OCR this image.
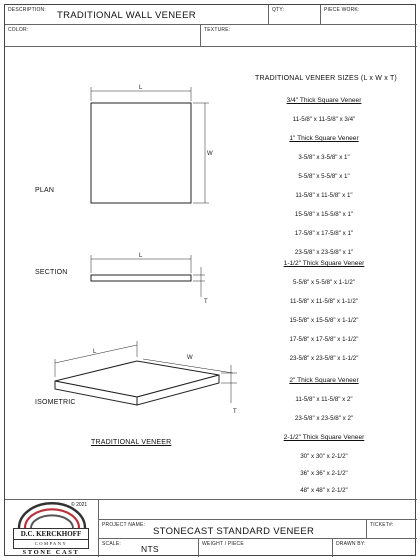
DESCRIPTION: TRADITIONAL WALL VENEER	QTY:	PIECE WORK:
COLOR:	TEXTURE:
L
W
L
T
L
W
T
PLAN
SECTION
ISOMETRIC
TRADITIONAL VENEER
TRADITIONAL VENEER SIZES (L x W x T)
3/4" Thick Square Veneer
11-5/8" x 11-5/8" x 3/4"
1" Thick Square Veneer
3-5/8" x 3-5/8" x 1"
5-5/8" x 5-5/8" x 1"
11-5/8" x 11-5/8" x 1"
15-5/8" x 15-5/8" x 1"
17-5/8" x 17-5/8" x 1"
23-5/8" x 23-5/8" x 1"
1-1/2" Thick Square Veneer
5-5/8" x 5-5/8" x 1-1/2"
11-5/8" x 11-5/8" x 1-1/2"
15-5/8" x 15-5/8" x 1-1/2"
17-5/8" x 17-5/8" x 1-1/2"
23-5/8" x 23-5/8" x 1-1/2"
2" Thick Square Veneer
11-5/8" x 11-5/8" x 2"
23-5/8" x 23-5/8" x 2"
2-1/2" Thick Square Veneer
30" x 30" x 2-1/2"
36" x 36" x 2-1/2"
48" x 48" x 2-1/2"
© 2021
D.C. KERCKHOFF
COMPANY
STONE CAST
PROJECT NAME:
STONECAST STANDARD VENEER
TICKET#:
SCALE: NTS	WEIGHT / PIECE	DRAWN BY:
